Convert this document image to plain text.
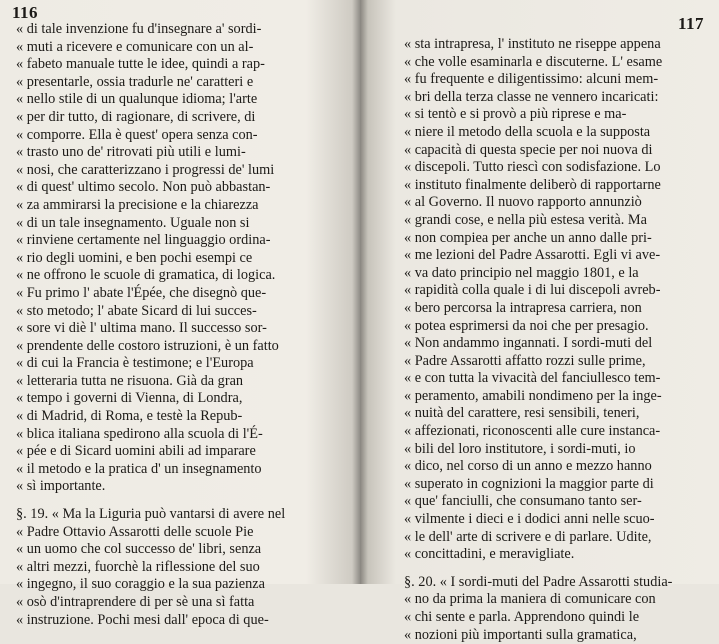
116
« di tale invenzione fu d'insegnare a' sordi-
« muti a ricevere e comunicare con un al-
« fabeto manuale tutte le idee, quindi a rap-
« presentarle, ossia tradurle ne' caratteri e
« nello stile di un qualunque idioma; l'arte
« per dir tutto, di ragionare, di scrivere, di
« comporre. Ella è quest' opera senza con-
« trasto uno de' ritrovati più utili e lumi-
« nosi, che caratterizzano i progressi de' lumi
« di quest' ultimo secolo. Non può abbastan-
« za ammirarsi la precisione e la chiarezza
« di un tale insegnamento. Uguale non si
« rinviene certamente nel linguaggio ordina-
« rio degli uomini, e ben pochi esempi ce
« ne offrono le scuole di gramatica, di logica.
« Fu primo l' abate l'Épée, che disegnò que-
« sto metodo; l' abate Sicard di lui succes-
« sore vi diè l' ultima mano. Il successo sor-
« prendente delle costoro istruzioni, è un fatto
« di cui la Francia è testimone; e l'Europa
« letteraria tutta ne risuona. Già da gran
« tempo i governi di Vienna, di Londra,
« di Madrid, di Roma, e testè la Repub-
« blica italiana spedirono alla scuola di l'É-
« pée e di Sicard uomini abili ad imparare
« il metodo e la pratica d' un insegnamento
« sì importante.
§. 19. « Ma la Liguria può vantarsi di avere nel
« Padre Ottavio Assarotti delle scuole Pie
« un uomo che col successo de' libri, senza
« altri mezzi, fuorchè la riflessione del suo
« ingegno, il suo coraggio e la sua pazienza
« osò d'intraprendere di per sè una sì fatta
« instruzione. Pochi mesi dall' epoca di que-
117
« sta intrapresa, l' instituto ne riseppe appena
« che volle esaminarla e discuterne. L' esame
« fu frequente e diligentissimo: alcuni mem-
« bri della terza classe ne vennero incaricati:
« si tentò e si provò a più riprese e ma-
« niere il metodo della scuola e la supposta
« capacità di questa specie per noi nuova di
« discepoli. Tutto riescì con sodisfazione. Lo
« instituto finalmente deliberò di rapportarne
« al Governo. Il nuovo rapporto annunziò
« grandi cose, e nella più estesa verità. Ma
« non compiea per anche un anno dalle pri-
« me lezioni del Padre Assarotti. Egli vi ave-
« va dato principio nel maggio 1801, e la
« rapidità colla quale i di lui discepoli avreb-
« bero percorsa la intrapresa carriera, non
« potea esprimersi da noi che per presagio.
« Non andammo ingannati. I sordi-muti del
« Padre Assarotti affatto rozzi sulle prime,
« e con tutta la vivacità del fanciullesco tem-
« peramento, amabili nondimeno per la inge-
« nuità del carattere, resi sensibili, teneri,
« affezionati, riconoscenti alle cure instanca-
« bili del loro institutore, i sordi-muti, io
« dico, nel corso di un anno e mezzo hanno
« superato in cognizioni la maggior parte di
« que' fanciulli, che consumano tanto ser-
« vilmente i dieci e i dodici anni nelle scuo-
« le dell' arte di scrivere e di parlare. Udite,
« concittadini, e meravigliate.
§. 20. « I sordi-muti del Padre Assarotti studia-
« no da prima la maniera di comunicare con
« chi sente e parla. Apprendono quindi le
« nozioni più importanti sulla gramatica,
